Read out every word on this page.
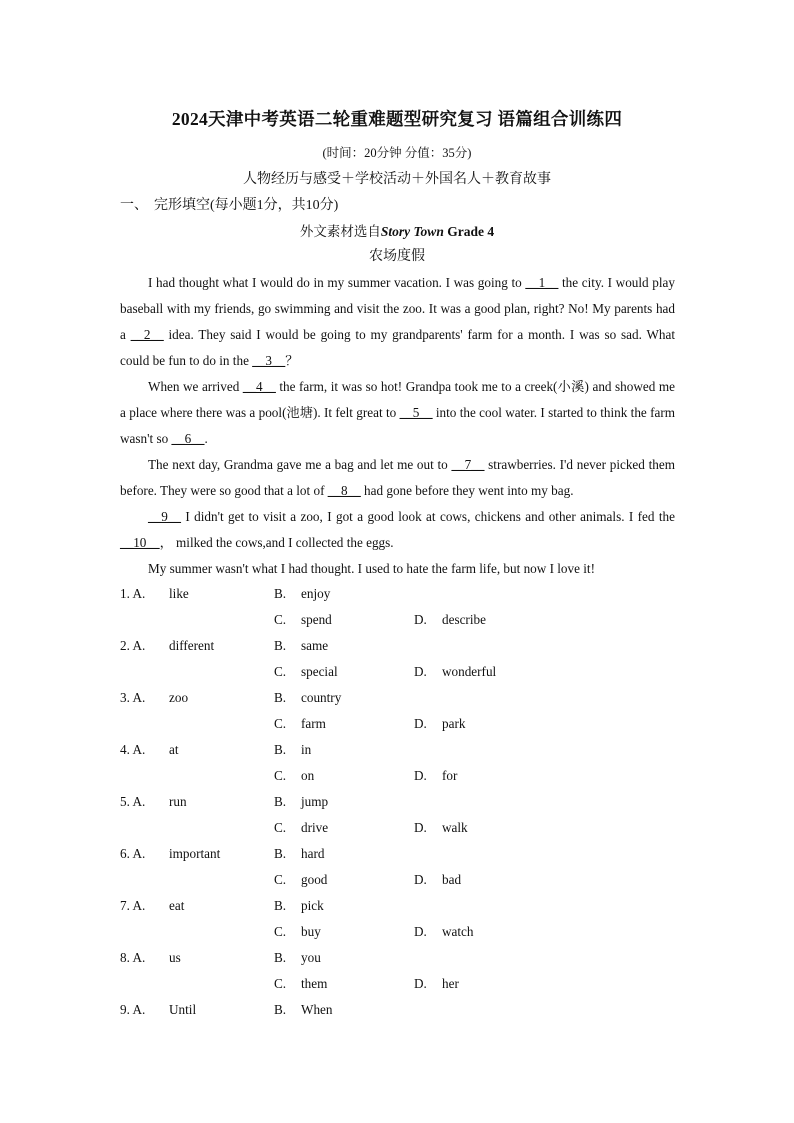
2024天津中考英语二轮重难题型研究复习 语篇组合训练四
(时间：20分钟 分值：35分)
人物经历与感受＋学校活动＋外国名人＋教育故事
一、 完形填空(每小题1分，共10分)
外文素材选自Story Town Grade 4
农场度假

I had thought what I would do in my summer vacation. I was going to __1__ the city. I would play baseball with my friends, go swimming and visit the zoo. It was a good plan, right? No! My parents had a __2__ idea. They said I would be going to my grandparents' farm for a month. I was so sad. What could be fun to do in the __3__？

When we arrived __4__ the farm, it was so hot! Grandpa took me to a creek(小溪) and showed me a place where there was a pool(池塘). It felt great to __5__ into the cool water. I started to think the farm wasn't so __6__.

The next day, Grandma gave me a bag and let me out to __7__ strawberries. I'd never picked them before. They were so good that a lot of __8__ had gone before they went into my bag.

__9__ I didn't get to visit a zoo, I got a good look at cows, chickens and other animals. I fed the __10__， milked the cows,and I collected the eggs.

My summer wasn't what I had thought. I used to hate the farm life, but now I love it!

1. A. like	B. enjoy
C. spend	D. describe
2. A. different	B. same
C. special	D. wonderful
3. A. zoo	B. country
C. farm	D. park
4. A. at	B. in
C. on	D. for
5. A. run	B. jump
C. drive	D. walk
6. A. important	B. hard
C. good	D. bad
7. A. eat	B. pick
C. buy	D. watch
8. A. us	B. you
C. them	D. her
9. A. Until	B. When
